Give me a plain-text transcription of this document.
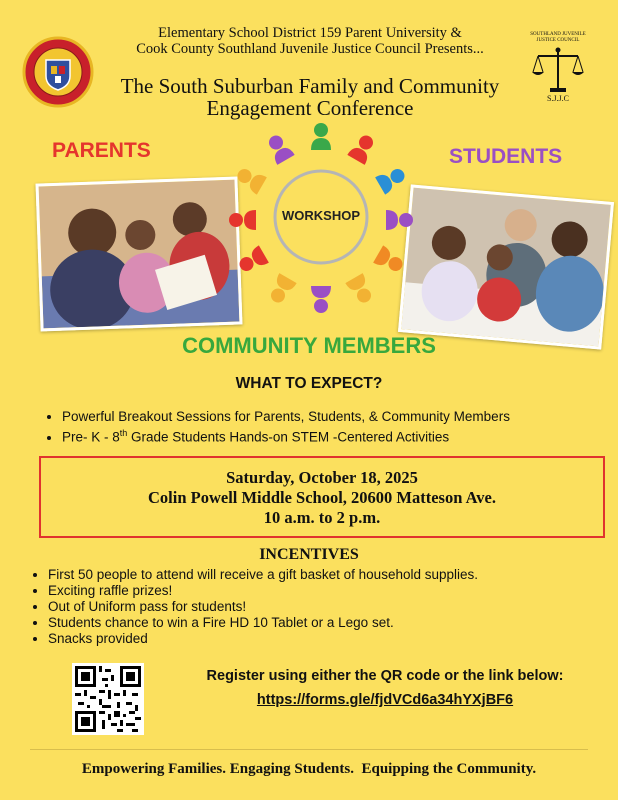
SOUTHLAND JUVENILE
JUSTICE COUNCIL
S.J.J.C
Elementary School District 159 Parent University &
Cook County Southland Juvenile Justice Council Presents...
The South Suburban Family and Community
Engagement Conference
PARENTS	STUDENTS
WORKSHOP
COMMUNITY MEMBERS
WHAT TO EXPECT?
• Powerful Breakout Sessions for Parents, Students, & Community Members
• Pre- K - 8th Grade Students Hands-on STEM -Centered Activities
Saturday, October 18, 2025
Colin Powell Middle School, 20600 Matteson Ave.
10 a.m. to 2 p.m.
INCENTIVES
• First 50 people to attend will receive a gift basket of household supplies.
• Exciting raffle prizes!
• Out of Uniform pass for students!
• Students chance to win a Fire HD 10 Tablet or a Lego set.
• Snacks provided
Register using either the QR code or the link below:
https://forms.gle/fjdVCd6a34hYXjBF6
Empowering Families. Engaging Students.  Equipping the Community.
